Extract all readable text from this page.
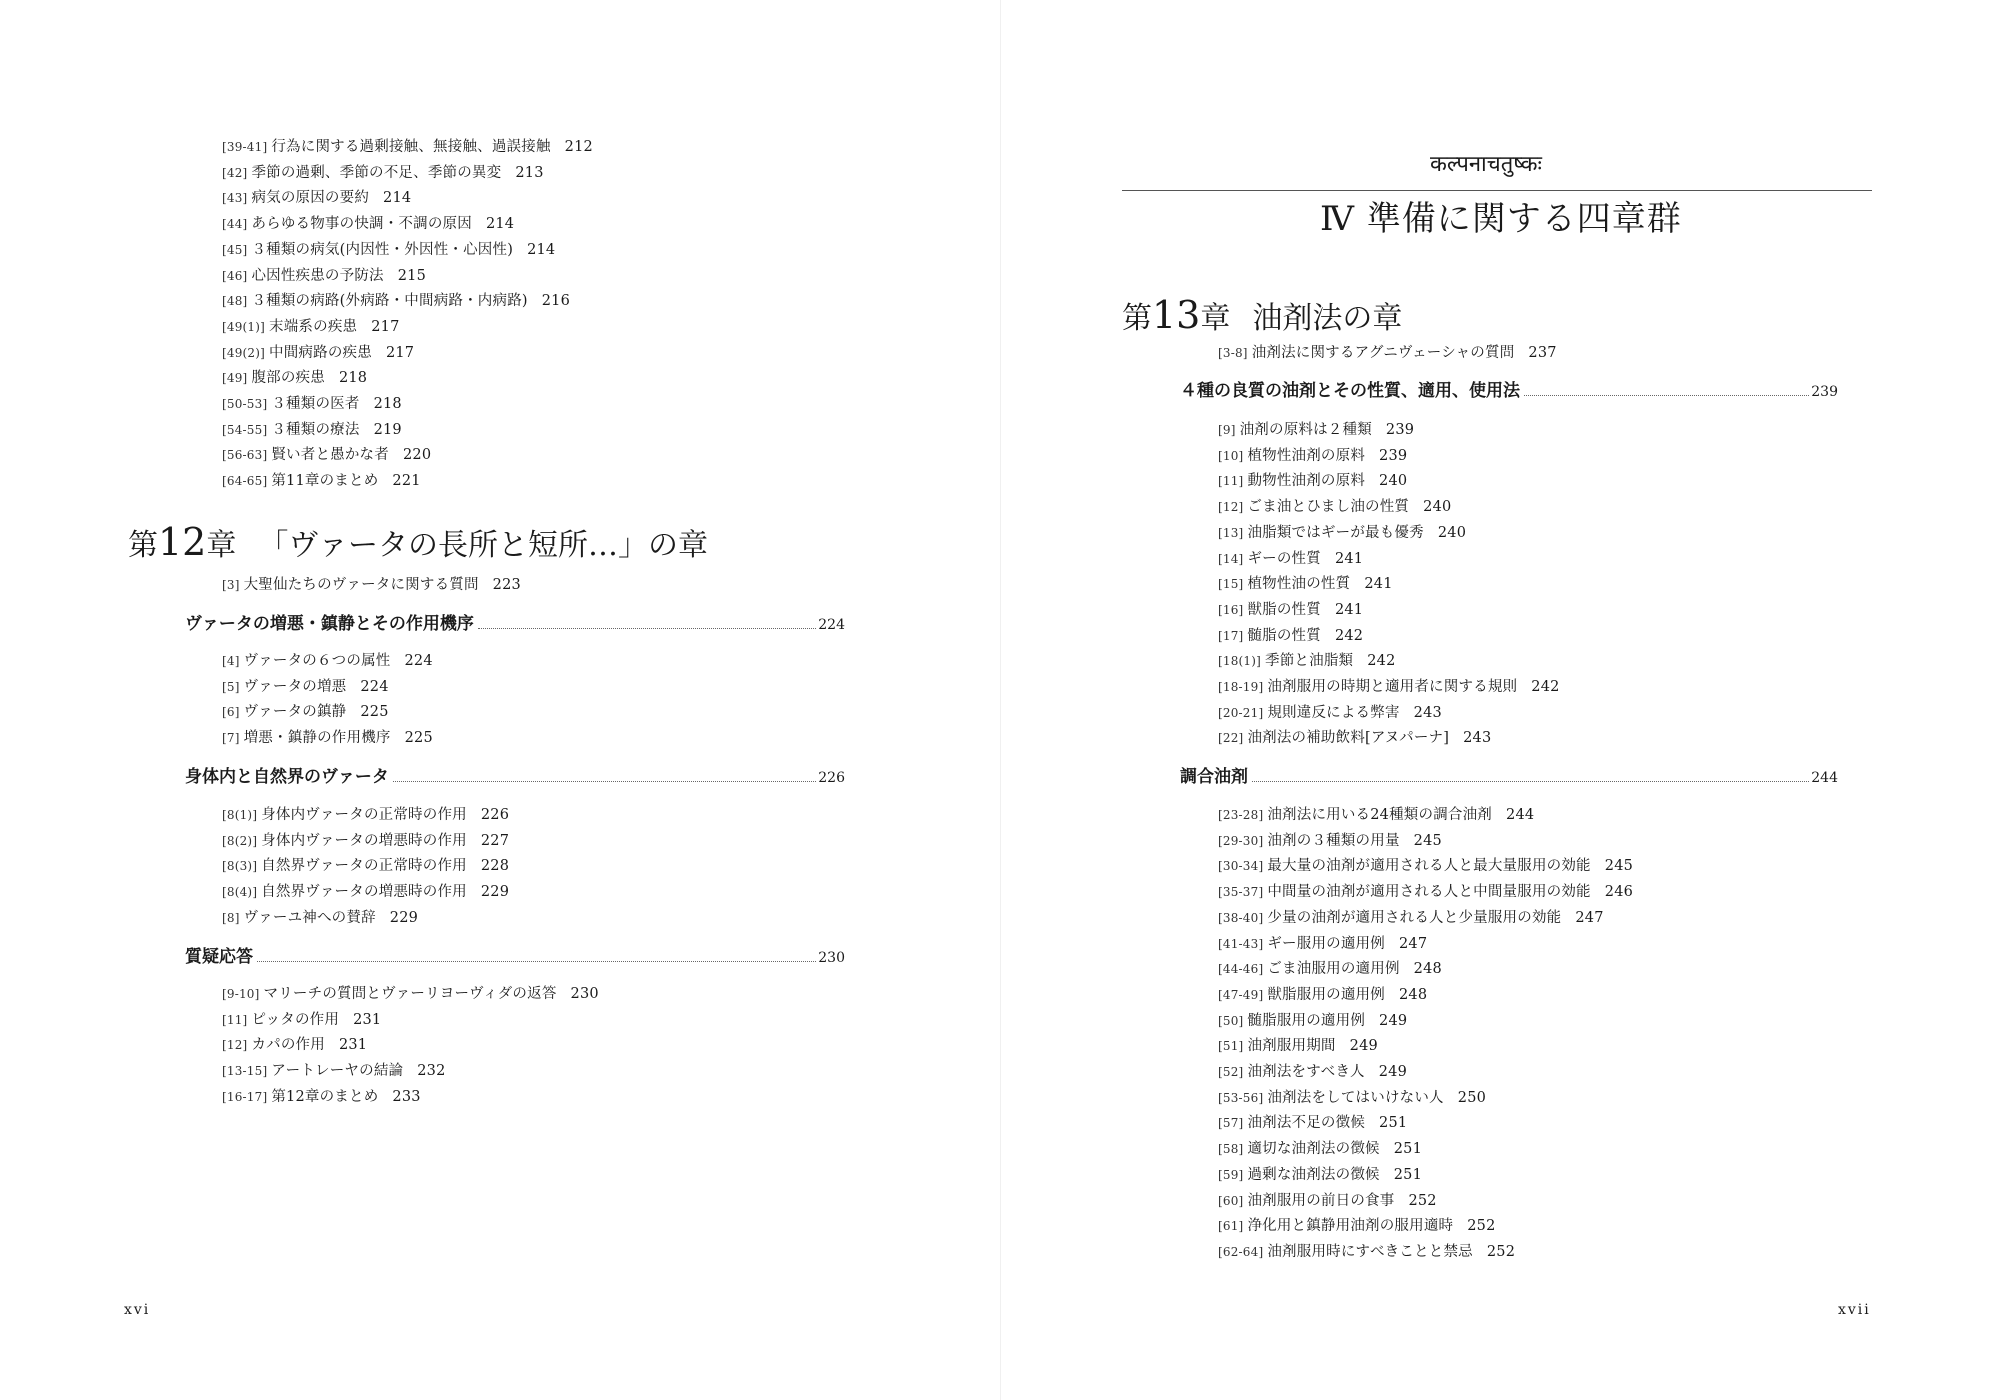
第12章 「ヴァータの長所と短所…」の章
ヴァータの増悪・鎮静とその作用機序	224
身体内と自然界のヴァータ	226
質疑応答	230
xvi
कल्पनाचतुष्कः
Ⅳ 準備に関する四章群
第13章 油剤法の章
４種の良質の油剤とその性質、適用、使用法	239
調合油剤	244
xvii
[39-41] 行為に関する過剰接触、無接触、過誤接触 212
[42] 季節の過剰、季節の不足、季節の異変 213
[43] 病気の原因の要約 214
[44] あらゆる物事の快調・不調の原因 214
[45] ３種類の病気(内因性・外因性・心因性) 214
[46] 心因性疾患の予防法 215
[48] ３種類の病路(外病路・中間病路・内病路) 216
[49(1)] 末端系の疾患 217
[49(2)] 中間病路の疾患 217
[49] 腹部の疾患 218
[50-53] ３種類の医者 218
[54-55] ３種類の療法 219
[56-63] 賢い者と愚かな者 220
[64-65] 第11章のまとめ 221
[3] 大聖仙たちのヴァータに関する質問 223
[4] ヴァータの６つの属性 224
[5] ヴァータの増悪 224
[6] ヴァータの鎮静 225
[7] 増悪・鎮静の作用機序 225
[8(1)] 身体内ヴァータの正常時の作用 226
[8(2)] 身体内ヴァータの増悪時の作用 227
[8(3)] 自然界ヴァータの正常時の作用 228
[8(4)] 自然界ヴァータの増悪時の作用 229
[8] ヴァーユ神への賛辞 229
[9-10] マリーチの質問とヴァーリヨーヴィダの返答 230
[11] ピッタの作用 231
[12] カパの作用 231
[13-15] アートレーヤの結論 232
[16-17] 第12章のまとめ 233
[3-8] 油剤法に関するアグニヴェーシャの質問 237
[9] 油剤の原料は２種類 239
[10] 植物性油剤の原料 239
[11] 動物性油剤の原料 240
[12] ごま油とひまし油の性質 240
[13] 油脂類ではギーが最も優秀 240
[14] ギーの性質 241
[15] 植物性油の性質 241
[16] 獣脂の性質 241
[17] 髄脂の性質 242
[18(1)] 季節と油脂類 242
[18-19] 油剤服用の時期と適用者に関する規則 242
[20-21] 規則違反による弊害 243
[22] 油剤法の補助飲料[アヌパーナ] 243
[23-28] 油剤法に用いる24種類の調合油剤 244
[29-30] 油剤の３種類の用量 245
[30-34] 最大量の油剤が適用される人と最大量服用の効能 245
[35-37] 中間量の油剤が適用される人と中間量服用の効能 246
[38-40] 少量の油剤が適用される人と少量服用の効能 247
[41-43] ギー服用の適用例 247
[44-46] ごま油服用の適用例 248
[47-49] 獣脂服用の適用例 248
[50] 髄脂服用の適用例 249
[51] 油剤服用期間 249
[52] 油剤法をすべき人 249
[53-56] 油剤法をしてはいけない人 250
[57] 油剤法不足の徴候 251
[58] 適切な油剤法の徴候 251
[59] 過剰な油剤法の徴候 251
[60] 油剤服用の前日の食事 252
[61] 浄化用と鎮静用油剤の服用適時 252
[62-64] 油剤服用時にすべきことと禁忌 252
